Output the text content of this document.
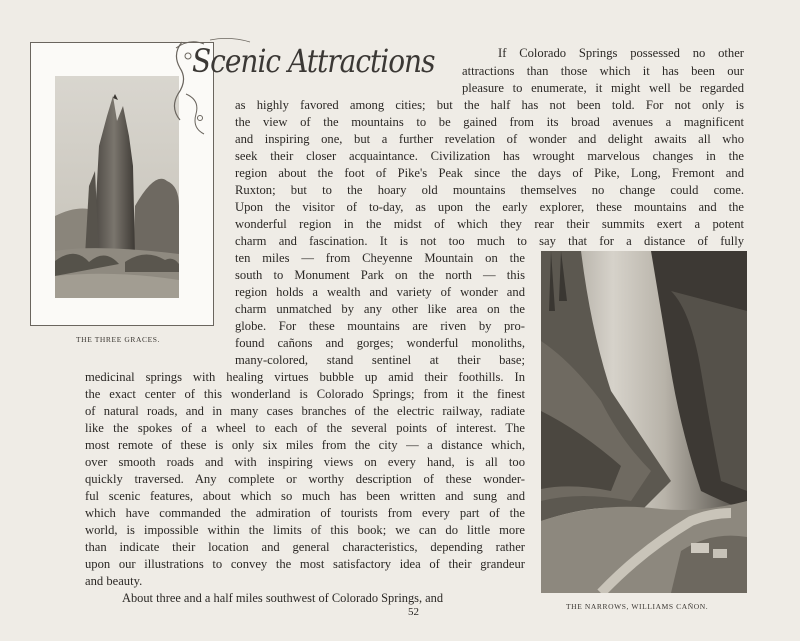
THE THREE GRACES.
Scenic Attractions
THE NARROWS, WILLIAMS CAÑON.
If Colorado Springs possessed no other
attractions than those which it has been our
pleasure to enumerate, it might well be regarded
as highly favored among cities; but the half has not been told. For not only is
the view of the mountains to be gained from its broad avenues a magnificent
and inspiring one, but a further revelation of wonder and delight awaits all who
seek their closer acquaintance. Civilization has wrought marvelous changes in the
region about the foot of Pike's Peak since the days of Pike, Long, Fremont and
Ruxton; but to the hoary old mountains themselves no change could come.
Upon the visitor of to-day, as upon the early explorer, these mountains and the
wonderful region in the midst of which they rear their summits exert a potent
charm and fascination. It is not too much to say that for a distance of fully
ten miles — from Cheyenne Mountain on the
south to Monument Park on the north — this
region holds a wealth and variety of wonder and
charm unmatched by any other like area on the
globe. For these mountains are riven by pro-
found cañons and gorges; wonderful monoliths,
many-colored, stand sentinel at their base;
medicinal springs with healing virtues bubble up amid their foothills. In
the exact center of this wonderland is Colorado Springs; from it the finest
of natural roads, and in many cases branches of the electric railway, radiate
like the spokes of a wheel to each of the several points of interest. The
most remote of these is only six miles from the city — a distance which,
over smooth roads and with inspiring views on every hand, is all too
quickly traversed. Any complete or worthy description of these wonder-
ful scenic features, about which so much has been written and sung and
which have commanded the admiration of tourists from every part of the
world, is impossible within the limits of this book; we can do little more
than indicate their location and general characteristics, depending rather
upon our illustrations to convey the most satisfactory idea of their grandeur
and beauty.
About three and a half miles southwest of Colorado Springs, and
52
